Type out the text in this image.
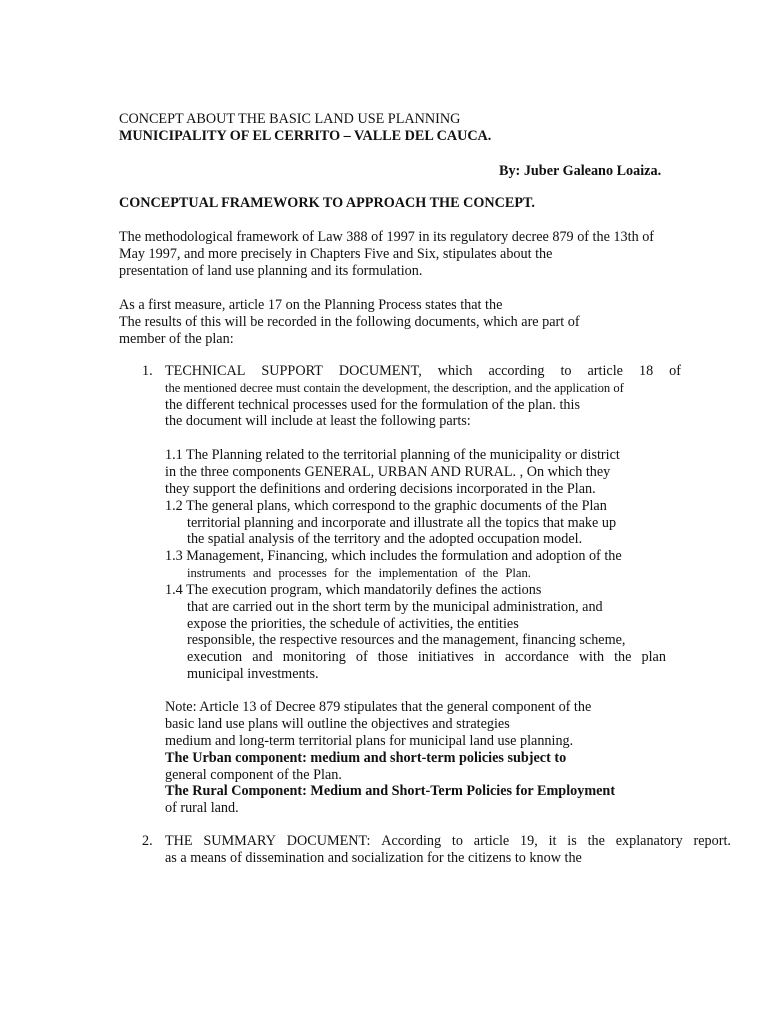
CONCEPT ABOUT THE BASIC LAND USE PLANNING
MUNICIPALITY OF EL CERRITO – VALLE DEL CAUCA.
By: Juber Galeano Loaiza.
CONCEPTUAL FRAMEWORK TO APPROACH THE CONCEPT.
The methodological framework of Law 388 of 1997 in its regulatory decree 879 of the 13th of
May 1997, and more precisely in Chapters Five and Six, stipulates about the
presentation of land use planning and its formulation.
As a first measure, article 17 on the Planning Process states that the
The results of this will be recorded in the following documents, which are part of
member of the plan:
1. TECHNICAL SUPPORT DOCUMENT, which according to article 18 of
the mentioned decree must contain the development, the description, and the application of
the different technical processes used for the formulation of the plan. this
the document will include at least the following parts:
1.1 The Planning related to the territorial planning of the municipality or district
in the three components GENERAL, URBAN AND RURAL. , On which they
they support the definitions and ordering decisions incorporated in the Plan.
1.2 The general plans, which correspond to the graphic documents of the Plan
territorial planning and incorporate and illustrate all the topics that make up
the spatial analysis of the territory and the adopted occupation model.
1.3 Management, Financing, which includes the formulation and adoption of the
instruments and processes for the implementation of the Plan.
1.4 The execution program, which mandatorily defines the actions
that are carried out in the short term by the municipal administration, and
expose the priorities, the schedule of activities, the entities
responsible, the respective resources and the management, financing scheme,
execution and monitoring of those initiatives in accordance with the plan
municipal investments.
Note: Article 13 of Decree 879 stipulates that the general component of the
basic land use plans will outline the objectives and strategies
medium and long-term territorial plans for municipal land use planning.
The Urban component: medium and short-term policies subject to
general component of the Plan.
The Rural Component: Medium and Short-Term Policies for Employment
of rural land.
2. THE SUMMARY DOCUMENT: According to article 19, it is the explanatory report.
as a means of dissemination and socialization for the citizens to know the
